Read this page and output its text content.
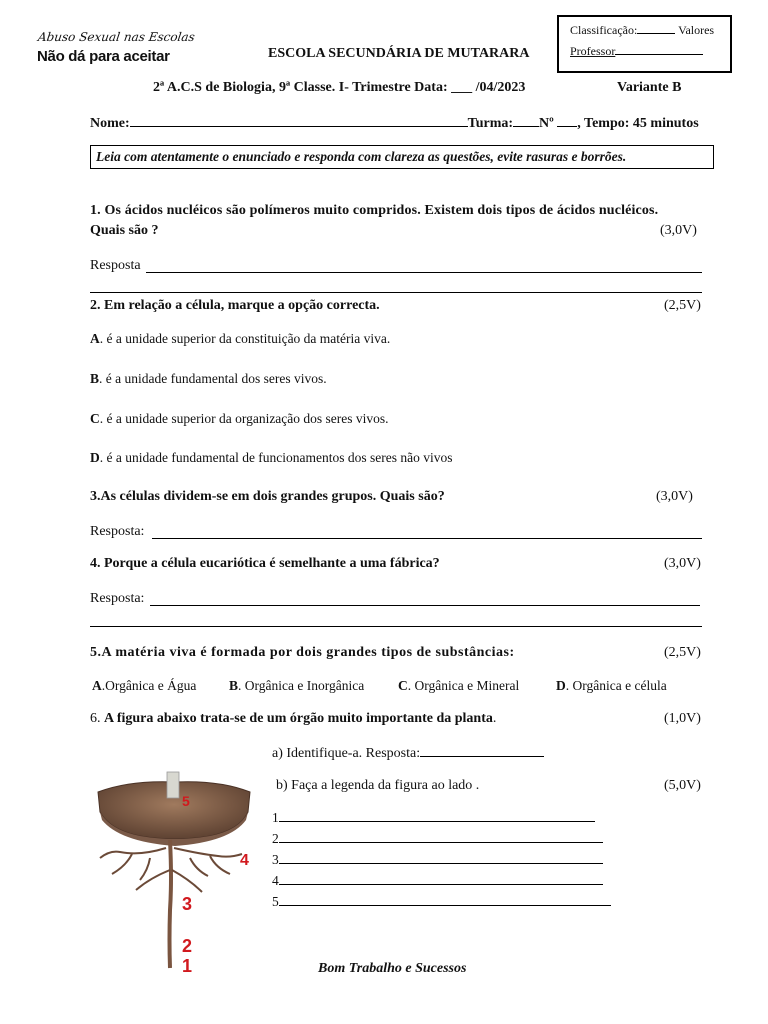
Abuso Sexual nas Escolas
Não dá para aceitar	ESCOLA SECUNDÁRIA DE MUTARARA
Classificação:	Valores
Professor
2ª A.C.S de Biologia, 9ª Classe. I- Trimestre Data: ___ /04/2023	Variante B
Nome:	Turma: Nº , Tempo: 45 minutos
Leia com atentamente o enunciado e responda com clareza as questões, evite rasuras e borrões.
1. Os ácidos nucléicos são polímeros muito compridos. Existem dois tipos de ácidos nucléicos.
Quais são ?	(3,0V)
Resposta
2. Em relação a célula, marque a opção correcta.	(2,5V)
A. é a unidade superior da constituição da matéria viva.
B. é a unidade fundamental dos seres vivos.
C. é a unidade superior da organização dos seres vivos.
D. é a unidade fundamental de funcionamentos dos seres não vivos
3.As células dividem-se em dois grandes grupos. Quais são?	(3,0V)
Resposta:
4. Porque a célula eucariótica é semelhante a uma fábrica?	(3,0V)
Resposta:
5.A matéria viva é formada por dois grandes tipos de substâncias:	(2,5V)
A.Orgânica e Água B. Orgânica e Inorgânica	C. Orgânica e Mineral	D. Orgânica e célula
6. A figura abaixo trata-se de um órgão muito importante da planta.	(1,0V)
a) Identifique-a. Resposta:
b) Faça a legenda da figura ao lado .	(5,0V)
1
2
3
4
5
5
4
3
2
1	Bom Trabalho e Sucessos
